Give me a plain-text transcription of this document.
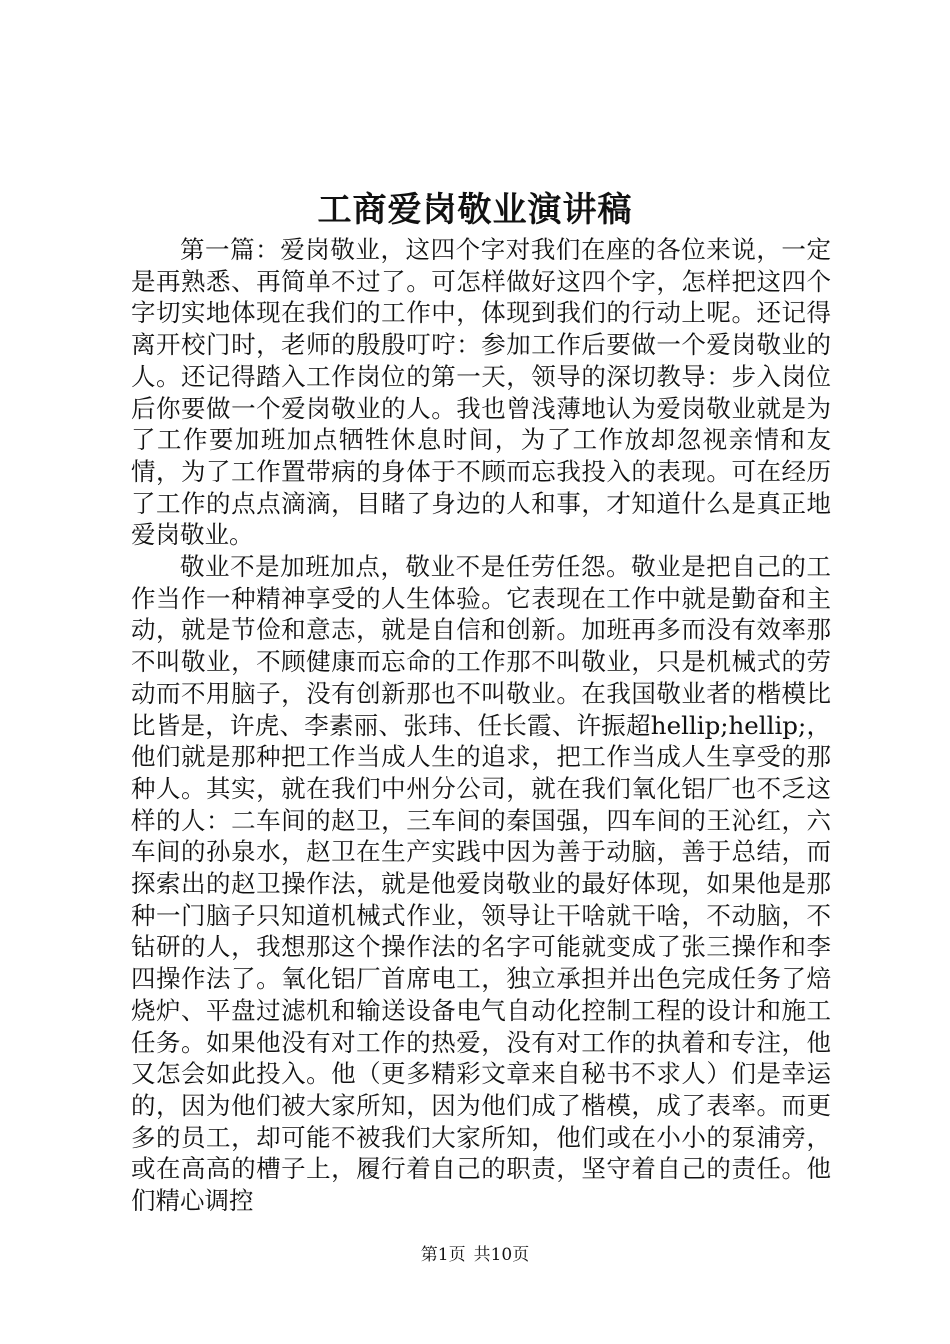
工商爱岗敬业演讲稿

第一篇：爱岗敬业，这四个字对我们在座的各位来说，一定是再熟悉、再简单不过了。可怎样做好这四个字，怎样把这四个字切实地体现在我们的工作中，体现到我们的行动上呢。还记得离开校门时，老师的殷殷叮咛：参加工作后要做一个爱岗敬业的人。还记得踏入工作岗位的第一天，领导的深切教导：步入岗位后你要做一个爱岗敬业的人。我也曾浅薄地认为爱岗敬业就是为了工作要加班加点牺牲休息时间，为了工作放却忽视亲情和友情，为了工作置带病的身体于不顾而忘我投入的表现。可在经历了工作的点点滴滴，目睹了身边的人和事，才知道什么是真正地爱岗敬业。

敬业不是加班加点，敬业不是任劳任怨。敬业是把自己的工作当作一种精神享受的人生体验。它表现在工作中就是勤奋和主动，就是节俭和意志，就是自信和创新。加班再多而没有效率那不叫敬业，不顾健康而忘命的工作那不叫敬业，只是机械式的劳动而不用脑子，没有创新那也不叫敬业。在我国敬业者的楷模比比皆是，许虎、李素丽、张玮、任长霞、许振超hellip;hellip;，他们就是那种把工作当成人生的追求，把工作当成人生享受的那种人。其实，就在我们中州分公司，就在我们氧化铝厂也不乏这样的人：二车间的赵卫，三车间的秦国强，四车间的王沁红，六车间的孙泉水，赵卫在生产实践中因为善于动脑，善于总结，而探索出的赵卫操作法，就是他爱岗敬业的最好体现，如果他是那种一门脑子只知道机械式作业，领导让干啥就干啥，不动脑，不钻研的人，我想那这个操作法的名字可能就变成了张三操作和李四操作法了。氧化铝厂首席电工，独立承担并出色完成任务了焙烧炉、平盘过滤机和输送设备电气自动化控制工程的设计和施工任务。如果他没有对工作的热爱，没有对工作的执着和专注，他又怎会如此投入。他（更多精彩文章来自秘书不求人）们是幸运的，因为他们被大家所知，因为他们成了楷模，成了表率。而更多的员工，却可能不被我们大家所知，他们或在小小的泵浦旁，或在高高的槽子上，履行着自己的职责，坚守着自己的责任。他们精心调控

第1页 共10页
